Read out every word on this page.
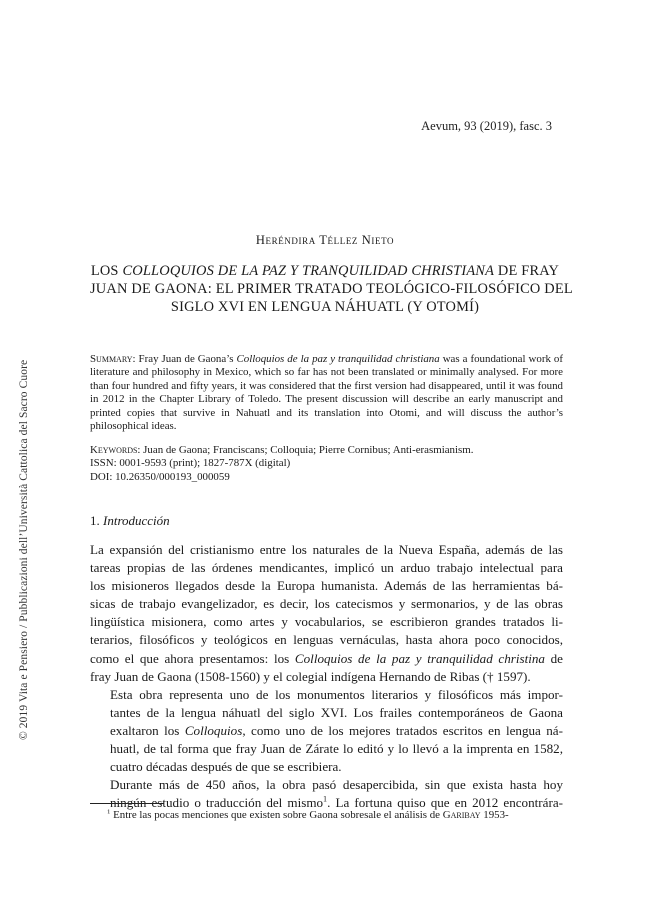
© 2019 Vita e Pensiero / Pubblicazioni dell’Università Cattolica del Sacro Cuore
Aevum, 93 (2019), fasc. 3
Heréndira Téllez Nieto
LOS COLLOQUIOS DE LA PAZ Y TRANQUILIDAD CHRISTIANA DE FRAY
JUAN DE GAONA: EL PRIMER TRATADO TEOLÓGICO-FILOSÓFICO DEL
SIGLO XVI EN LENGUA NÁHUATL (Y OTOMÍ)
Summary: Fray Juan de Gaona’s Colloquios de la paz y tranquilidad christiana was a foundational work of literature and philosophy in Mexico, which so far has not been translated or minimally analysed. For more than four hundred and fifty years, it was considered that the first version had disappeared, until it was found in 2012 in the Chapter Library of Toledo. The present discussion will describe an early manuscript and printed copies that survive in Nahuatl and its translation into Otomi, and will discuss the author’s philosophical ideas.
Keywords: Juan de Gaona; Franciscans; Colloquia; Pierre Cornibus; Anti-erasmianism.
ISSN: 0001-9593 (print); 1827-787X (digital)
DOI: 10.26350/000193_000059
1. Introducción

La expansión del cristianismo entre los naturales de la Nueva España, además de las
tareas propias de las órdenes mendicantes, implicó un arduo trabajo intelectual para
los misioneros llegados desde la Europa humanista. Además de las herramientas bá-
sicas de trabajo evangelizador, es decir, los catecismos y sermonarios, y de las obras
lingüística misionera, como artes y vocabularios, se escribieron grandes tratados li-
terarios, filosóficos y teológicos en lenguas vernáculas, hasta ahora poco conocidos,
como el que ahora presentamos: los Colloquios de la paz y tranquilidad christina de
fray Juan de Gaona (1508-1560) y el colegial indígena Hernando de Ribas († 1597).

Esta obra representa uno de los monumentos literarios y filosóficos más impor-
tantes de la lengua náhuatl del siglo XVI. Los frailes contemporáneos de Gaona
exaltaron los Colloquios, como uno de los mejores tratados escritos en lengua ná-
huatl, de tal forma que fray Juan de Zárate lo editó y lo llevó a la imprenta en 1582,
cuatro décadas después de que se escribiera.

Durante más de 450 años, la obra pasó desapercibida, sin que exista hasta hoy
ningún estudio o traducción del mismo$^1$. La fortuna quiso que en 2012 encontrára-

$^1$ Entre las pocas menciones que existen sobre Gaona sobresale el análisis de Garibay 1953-
